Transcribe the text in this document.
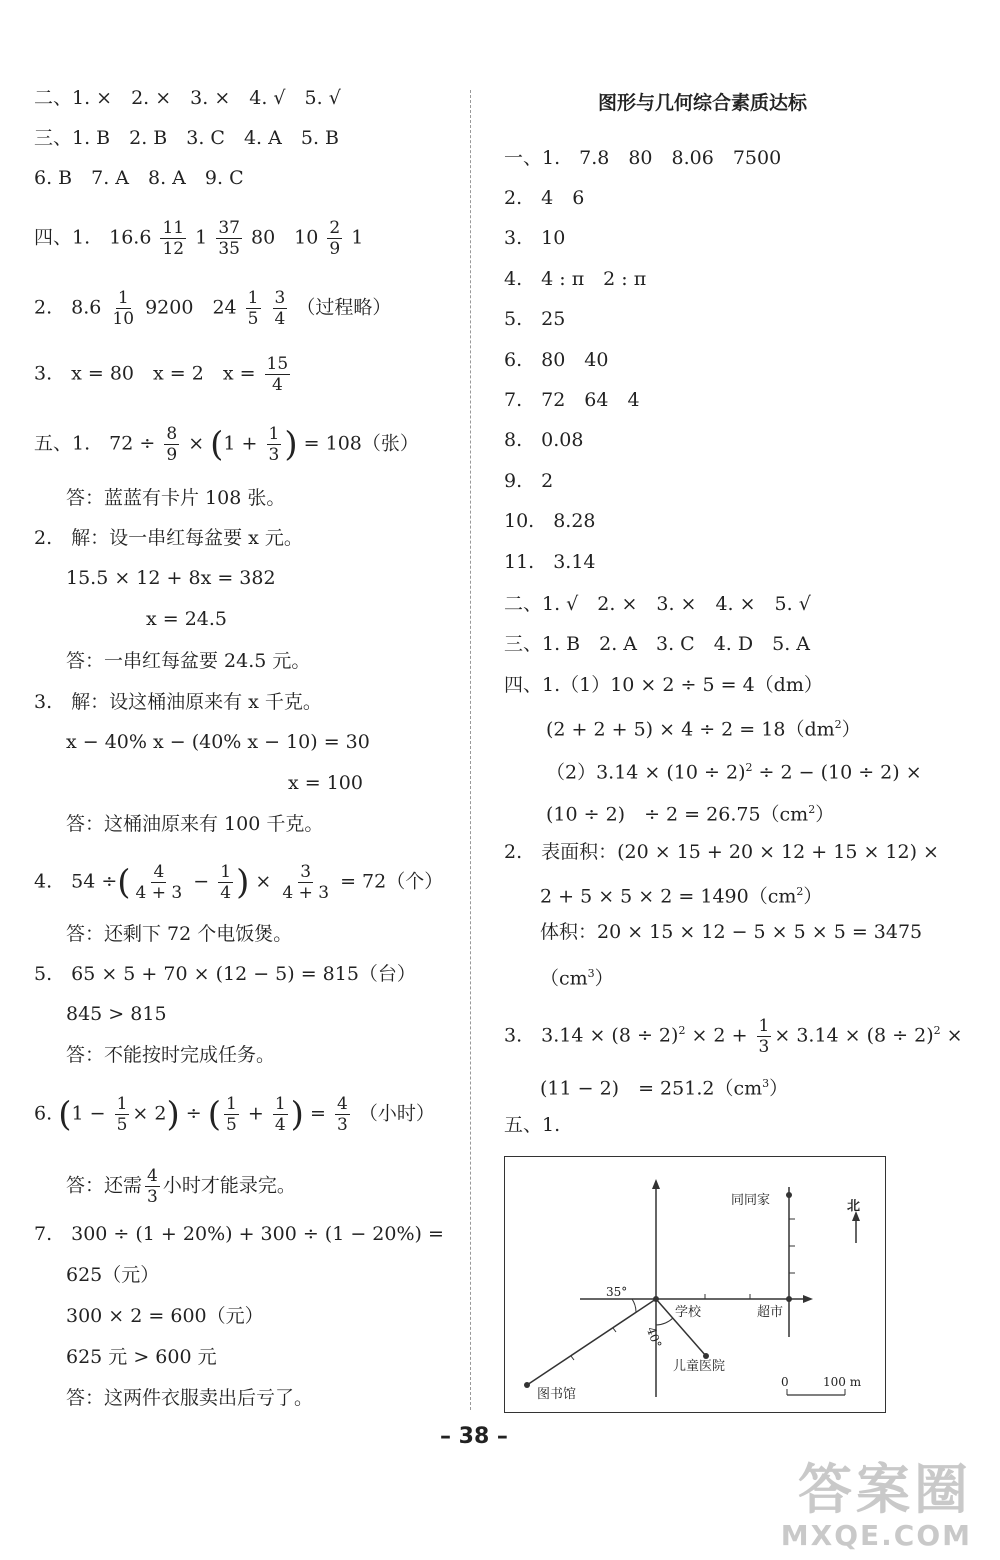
二、1. ×　2. ×　3. ×　4. √　5. √
三、1. B　2. B　3. C　4. A　5. B
6. B　7. A　8. A　9. C
四、1.　$16.6 \frac{11}{12} 1 \frac{37}{35} 80$　$10 \frac{2}{9} 1$
2.　$8.6 \frac{1}{10} 9200$　$24 \frac{1}{5}$
$\frac{3}{4}$ （过程略）
3.　x = 80　x = 2　$x = \frac{15}{4}$
五、1.　$72 \div \frac{8}{9} \times (1 + \frac{1}{3}$ ) = 108（张）
答：蓝蓝有卡片 108 张。
2.　解：设一串红每盆要 x 元。
15.5 × 12 + 8x = 382
x = 24.5
答：一串红每盆要 24.5 元。
3.　解：设这桶油原来有 x 千克。
x − 40% x − (40% x − 10) = 30
x = 100
答：这桶油原来有 100 千克。
4.　54 ÷( $\frac{4}{4 + 3} - \frac{1}{4}$ ) × $\frac{3}{4 + 3} = 72$（个）
答：还剩下 72 个电饭煲。
5.　65 × 5 + 70 × (12 − 5) = 815（台）
845 > 815
答：不能按时完成任务。
6. $(1 - \frac{1}{5} \times 2)$ ÷ ( $\frac{1}{5} + \frac{1}{4}$ ) = $\frac{4}{3}$ （小时）
答：还需 $\frac{4}{3}$ 小时才能录完。
7.　300 ÷ (1 + 20%) + 300 ÷ (1 − 20%) =
625（元）
300 × 2 = 600（元）
625 元 > 600 元
答：这两件衣服卖出后亏了。
图形与几何综合素质达标
一、1.　7.8　80　8.06　7500
2.　4　6
3.　10
4.　4 : π　2 : π
5.　25
6.　80　40
7.　72　64　4
8.　0.08
9.　2
10.　8.28
11.　3.14
二、1. √　2. ×　3. ×　4. ×　5. √
三、1. B　2. A　3. C　4. D　5. A
四、1.（1）10 × 2 ÷ 5 = 4（dm）
$(2 + 2 + 5) \times 4 \div 2 = 18(dm^2)$
$(2)3.14 \times (10 \div 2)^2 \div 2 - (10 \div 2)$ ×
(10 ÷ 2)　÷ $2 = 26.75(cm^2)$
2.　表面积：(20 × 15 + 20 × 12 + 15 × 12) ×
$2 + 5 \times 5 \times 2 = 1490(cm^2)$
体积：20 × 15 × 12 − 5 × 5 × 5 = 3475
$(cm^3)$
3.　$3.14 \times (8 \div 2)^2 \times 2 + \frac{1}{3} \times 3.14 \times (8 \div 2)^2$ ×
(11 − 2)　= $251.2(cm^3)$
五、1.
同同家	北
学校	超市
儿童医院
图书馆
35°
40°
0	100 m
– 38 –
答案圈
MXQE.COM
